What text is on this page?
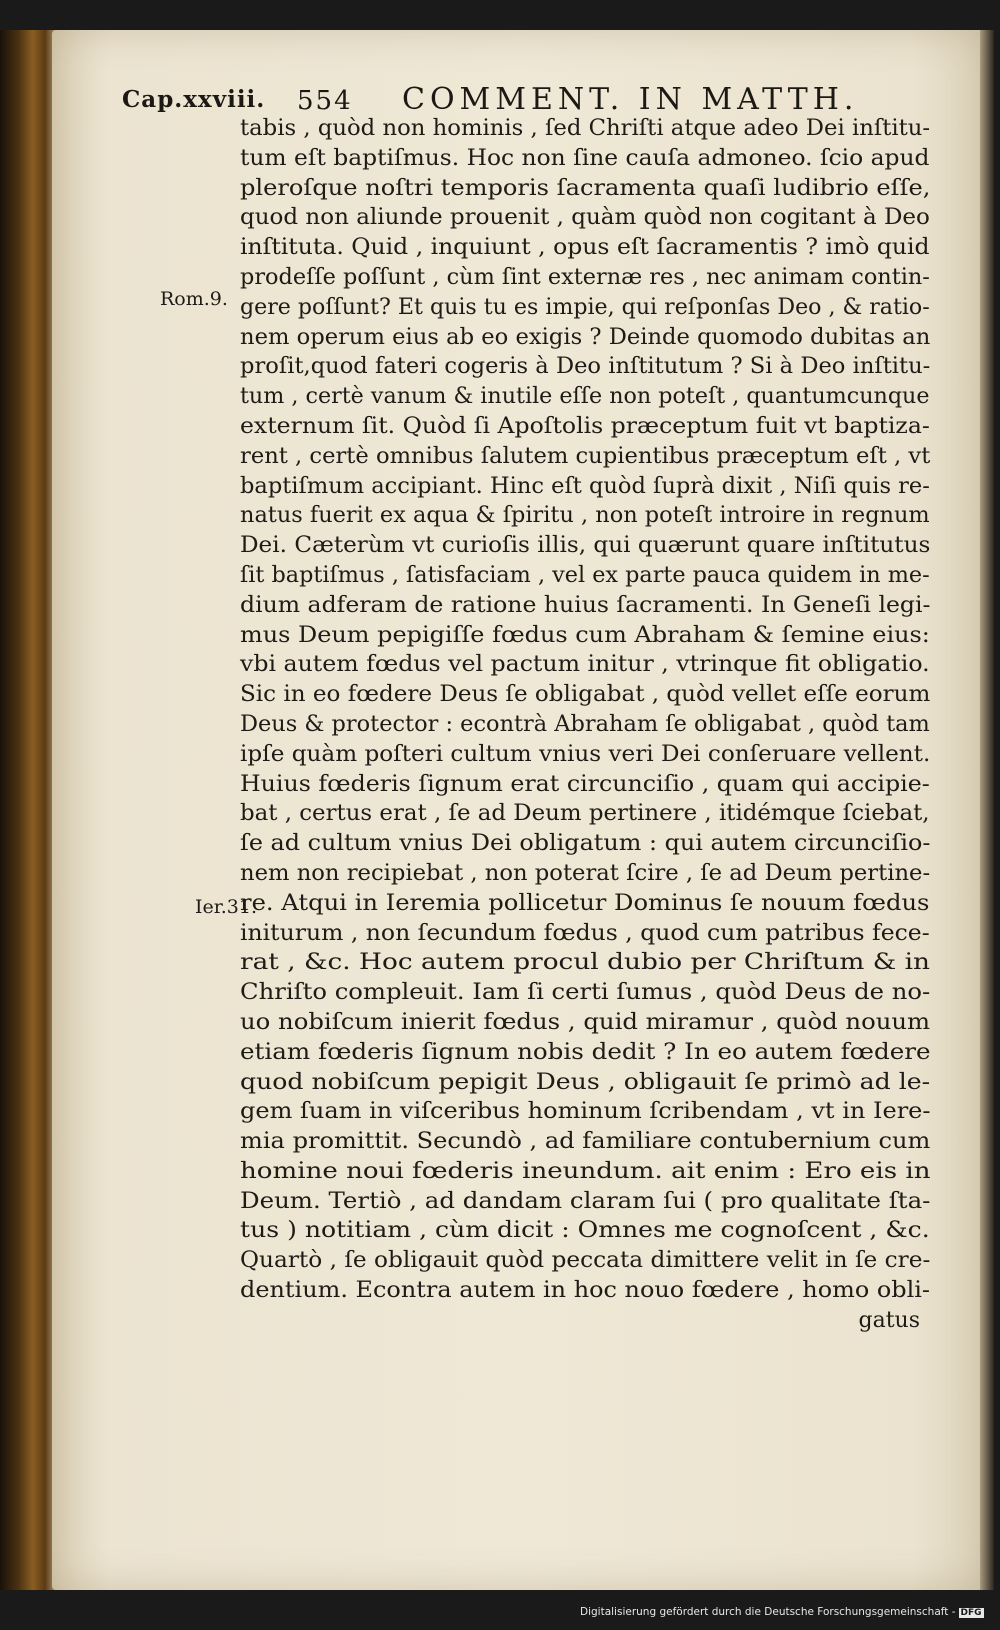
Cap.xxviii. 554 COMMENT. IN MATTH.
Rom.9.
Ier.31.
tabis , quòd non hominis , ſed Chriſti atque adeo Dei inſtitu-
tum eſt baptiſmus. Hoc non ſine cauſa admoneo. ſcio apud
pleroſque noſtri temporis ſacramenta quaſi ludibrio eſſe,
quod non aliunde prouenit , quàm quòd non cogitant à Deo
inſtituta. Quid , inquiunt , opus eſt ſacramentis ? imò quid
prodeſſe poſſunt , cùm ſint externæ res , nec animam contin-
gere poſſunt? Et quis tu es impie, qui reſponſas Deo , & ratio-
nem operum eius ab eo exigis ? Deinde quomodo dubitas an
proſit,quod fateri cogeris à Deo inſtitutum ? Si à Deo inſtitu-
tum , certè vanum & inutile eſſe non poteſt , quantumcunque
externum ſit. Quòd ſi Apoſtolis præceptum fuit vt baptiza-
rent , certè omnibus ſalutem cupientibus præceptum eſt , vt
baptiſmum accipiant. Hinc eſt quòd ſuprà dixit , Niſi quis re-
natus fuerit ex aqua & ſpiritu , non poteſt introire in regnum
Dei. Cæterùm vt curioſis illis, qui quærunt quare inſtitutus
ſit baptiſmus , ſatisfaciam , vel ex parte pauca quidem in me-
dium adferam de ratione huius ſacramenti. In Geneſi legi-
mus Deum pepigiſſe fœdus cum Abraham & ſemine eius:
vbi autem fœdus vel pactum initur , vtrinque fit obligatio.
Sic in eo fœdere Deus ſe obligabat , quòd vellet eſſe eorum
Deus & protector : econtrà Abraham ſe obligabat , quòd tam
ipſe quàm poſteri cultum vnius veri Dei conſeruare vellent.
Huius fœderis ſignum erat circunciſio , quam qui accipie-
bat , certus erat , ſe ad Deum pertinere , itidémque ſciebat,
ſe ad cultum vnius Dei obligatum : qui autem circunciſio-
nem non recipiebat , non poterat ſcire , ſe ad Deum pertine-
re. Atqui in Ieremia pollicetur Dominus ſe nouum fœdus
initurum , non ſecundum fœdus , quod cum patribus fece-
rat , &c. Hoc autem procul dubio per Chriſtum & in
Chriſto compleuit. Iam ſi certi ſumus , quòd Deus de no-
uo nobiſcum inierit fœdus , quid miramur , quòd nouum
etiam fœderis ſignum nobis dedit ? In eo autem fœdere
quod nobiſcum pepigit Deus , obligauit ſe primò ad le-
gem ſuam in viſceribus hominum ſcribendam , vt in Iere-
mia promittit. Secundò , ad familiare contubernium cum
homine noui fœderis ineundum. ait enim : Ero eis in
Deum. Tertiò , ad dandam claram ſui ( pro qualitate ſta-
tus ) notitiam , cùm dicit : Omnes me cognoſcent , &c.
Quartò , ſe obligauit quòd peccata dimittere velit in ſe cre-
dentium. Econtra autem in hoc nouo fœdere , homo obli-
gatus
Digitalisierung gefördert durch die Deutsche Forschungsgemeinschaft - DFG
